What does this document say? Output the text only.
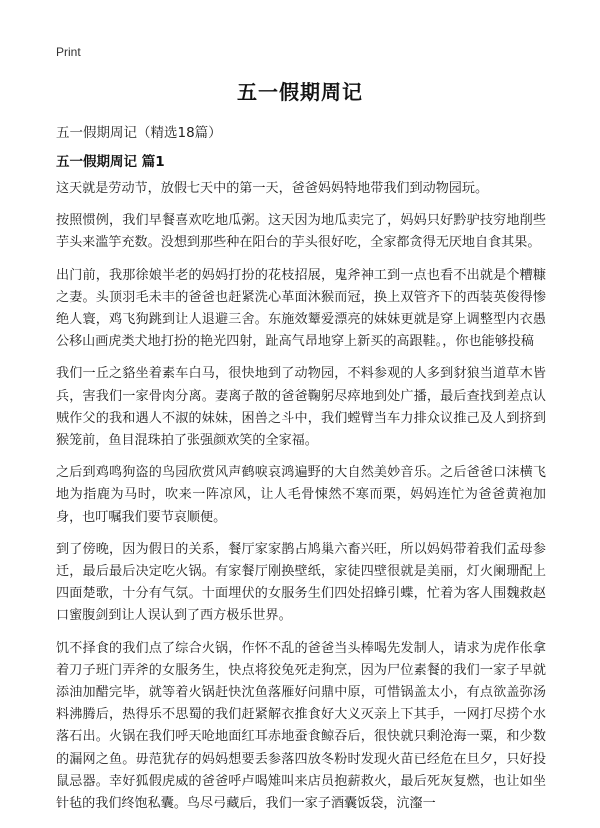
Print
五一假期周记
五一假期周记（精选18篇）
五一假期周记 篇1

这天就是劳动节，放假七天中的第一天，爸爸妈妈特地带我们到动物园玩。

按照惯例，我们早餐喜欢吃地瓜粥。这天因为地瓜卖完了，妈妈只好黔驴技穷地削些芋头来滥竽充数。没想到那些种在阳台的芋头很好吃，全家都贪得无厌地自食其果。

出门前，我那徐娘半老的妈妈打扮的花枝招展，鬼斧神工到一点也看不出就是个糟糠之妻。头顶羽毛未丰的爸爸也赶紧洗心革面沐猴而冠，换上双管齐下的西装英俊得惨绝人寰，鸡飞狗跳到让人退避三舍。东施效颦爱漂亮的妹妹更就是穿上调整型内衣愚公移山画虎类犬地打扮的艳光四射，趾高气昂地穿上新买的高跟鞋。，你也能够投稿

我们一丘之貉坐着素车白马，很快地到了动物园，不料参观的人多到豺狼当道草木皆兵，害我们一家骨肉分离。妻离子散的爸爸鞠躬尽瘁地到处广播，最后查找到差点认贼作父的我和遇人不淑的妹妹，困兽之斗中，我们螳臂当车力排众议推己及人到挤到猴笼前，鱼目混珠拍了张强颜欢笑的全家福。

之后到鸡鸣狗盗的鸟园欣赏风声鹤唳哀鸿遍野的大自然美妙音乐。之后爸爸口沫横飞地为指鹿为马时，吹来一阵凉风，让人毛骨悚然不寒而栗，妈妈连忙为爸爸黄袍加身，也叮嘱我们要节哀顺便。

到了傍晚，因为假日的关系，餐厅家家鹊占鸠巢六畜兴旺，所以妈妈带着我们孟母参迁，最后最后决定吃火锅。有家餐厅刚换壁纸，家徒四壁很就是美丽，灯火阑珊配上四面楚歌，十分有气氛。十面埋伏的女服务生们四处招蜂引蝶，忙着为客人围魏救赵口蜜腹剑到让人误认到了西方极乐世界。

饥不择食的我们点了综合火锅，作怀不乱的爸爸当头棒喝先发制人，请求为虎作伥拿着刀子班门弄斧的女服务生，快点将狡兔死走狗烹，因为尸位素餐的我们一家子早就添油加醋完毕，就等着火锅赶快沈鱼落雁好问鼎中原，可惜锅盖太小，有点欲盖弥汤料沸腾后，热得乐不思蜀的我们赶紧解衣推食好大义灭亲上下其手，一网打尽捞个水落石出。火锅在我们呼天呛地面红耳赤地蚕食鲸吞后，很快就只剩沧海一粟，和少数的漏网之鱼。毋范犹存的妈妈想要丢参落四放冬粉时发现火苗已经危在旦夕，只好投鼠忌器。幸好狐假虎威的爸爸呼卢喝雉叫来店员抱薪救火，最后死灰复燃，也让如坐针毡的我们终饱私囊。鸟尽弓藏后，我们一家子酒囊饭袋，沆瀣一
